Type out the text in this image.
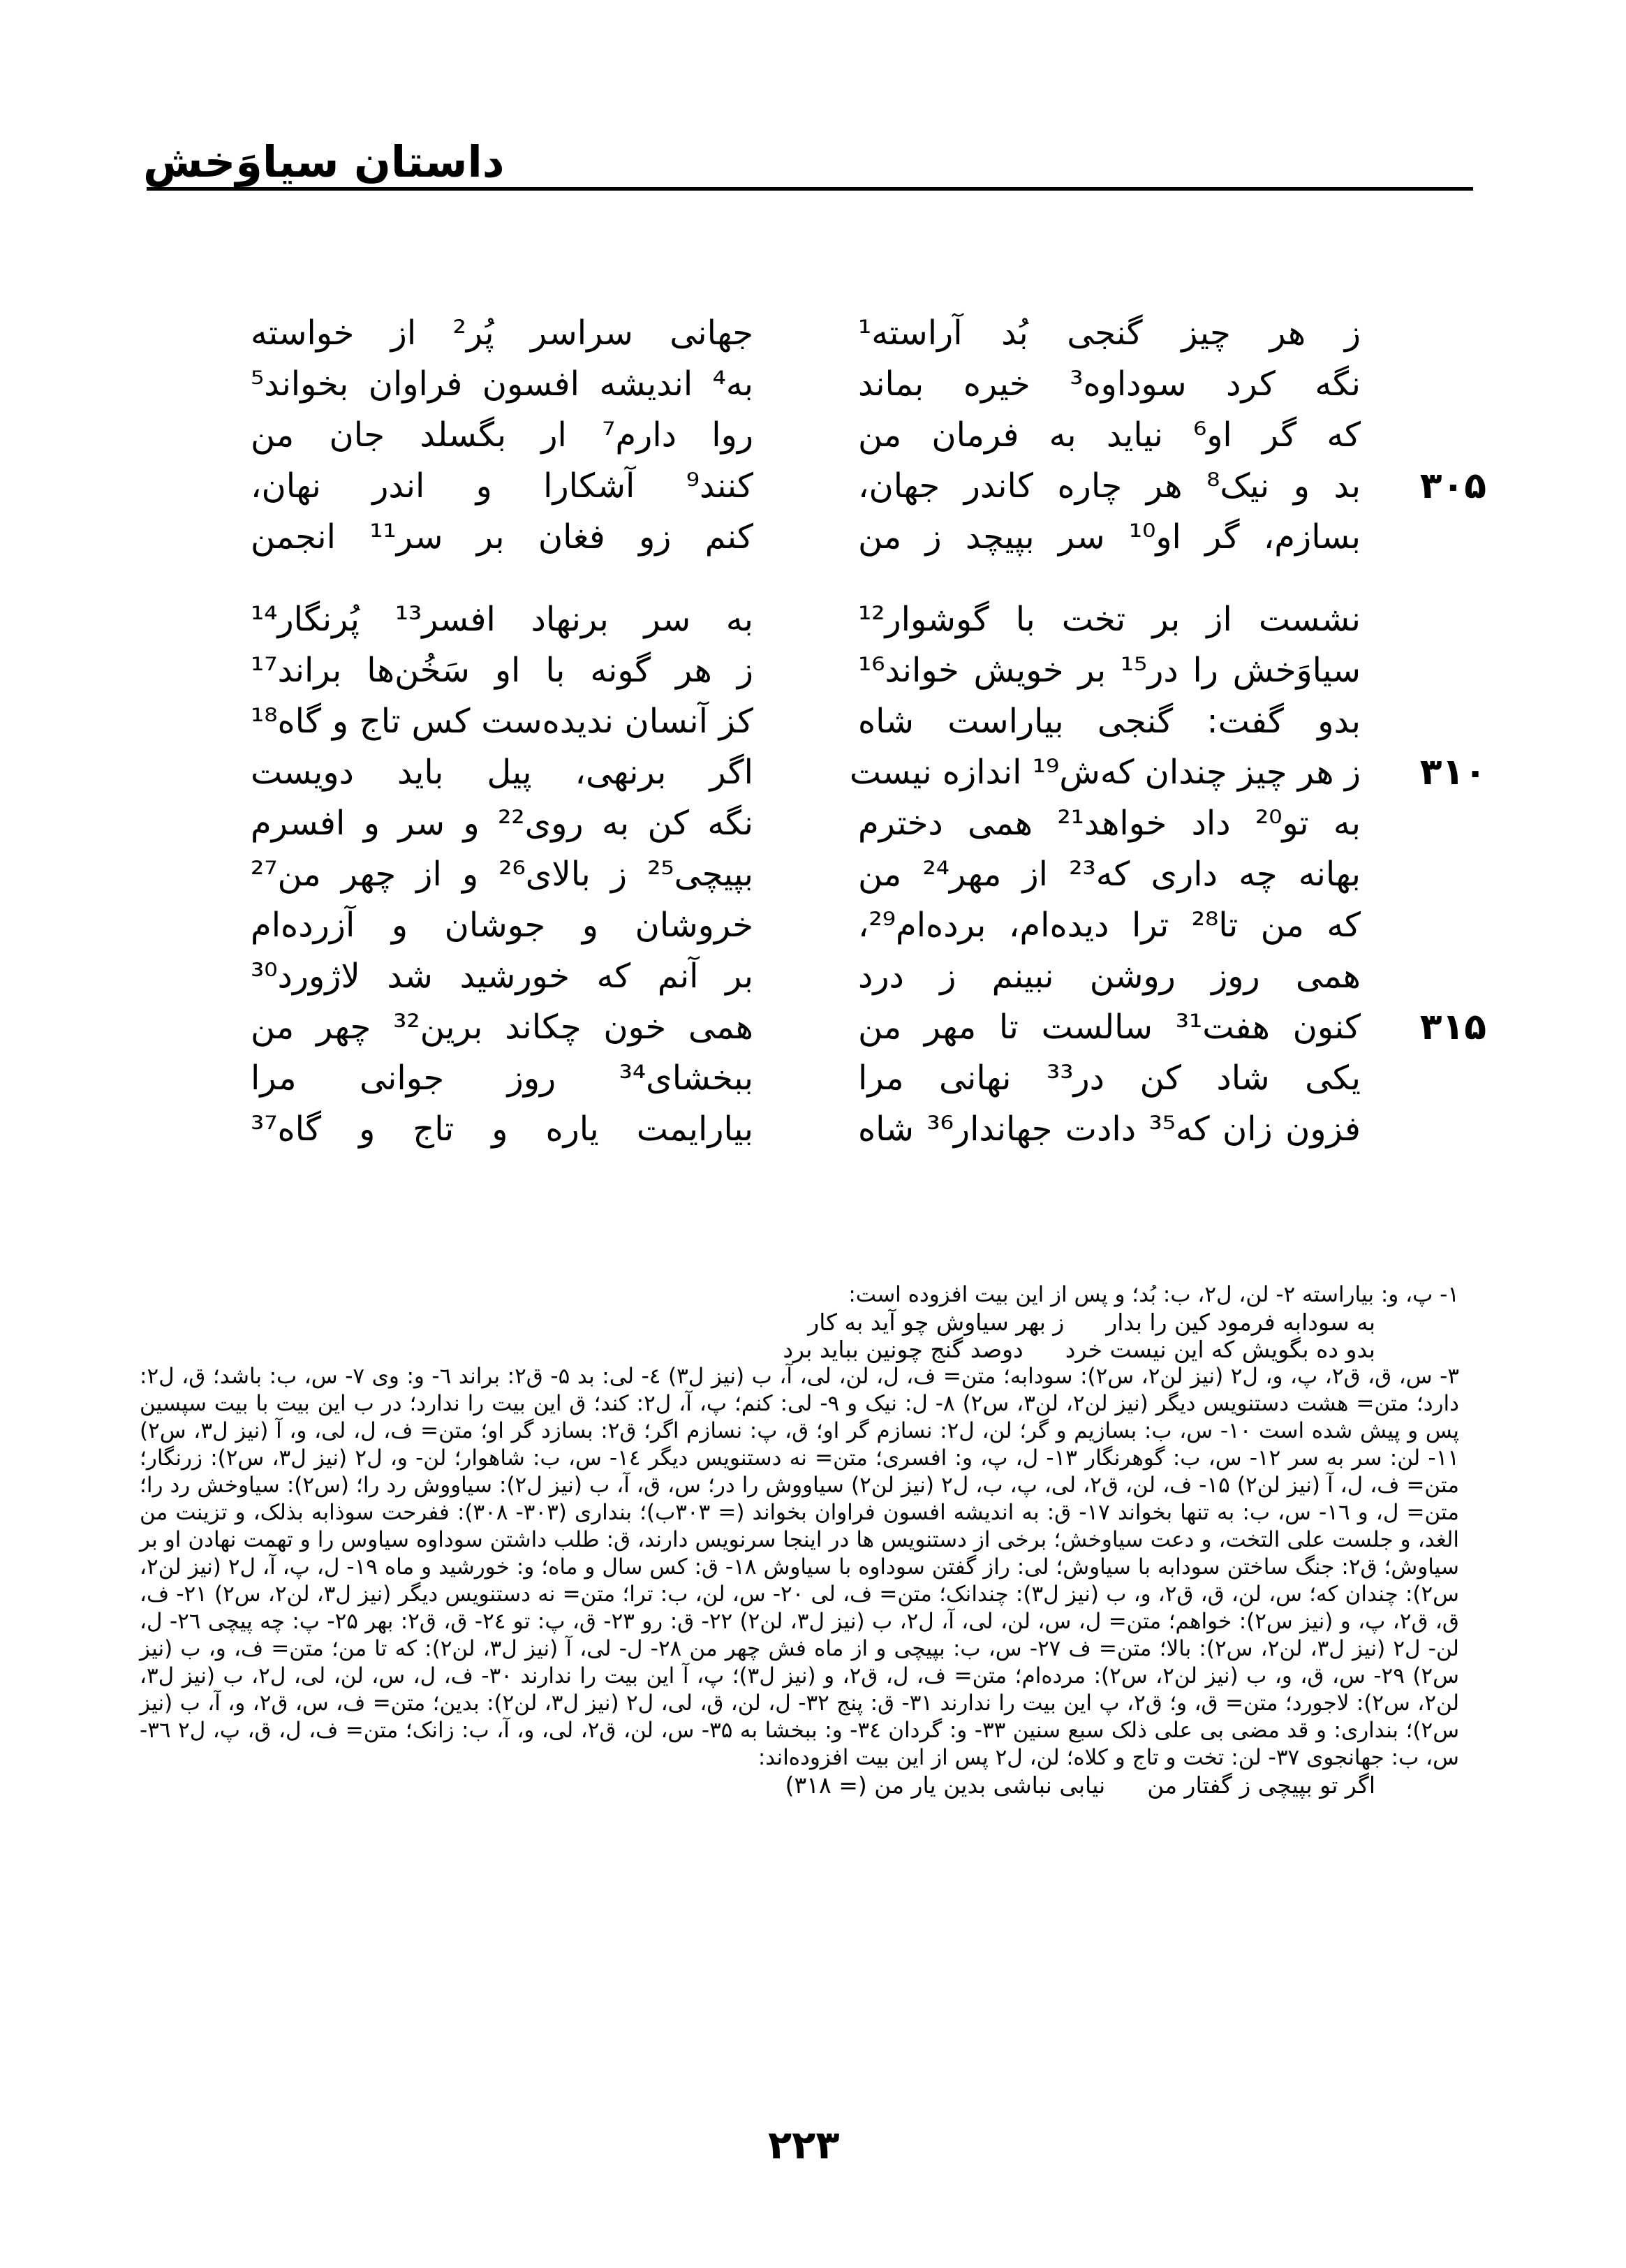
داستان سیاوَخش
ز هر چیز گنجی بُد آراسته¹
جهانی سراسر پُر² از خواسته
نگه کرد سوداوه³ خیره بماند
به⁴ اندیشه افسون فراوان بخواند⁵
که گر او⁶ نیاید به فرمان من
روا دارم⁷ ار بگسلد جان من
۳۰۵
بد و نیک⁸ هر چاره کاندر جهان،
کنند⁹ آشکارا و اندر نهان،
بسازم، گر او¹⁰ سر بپیچد ز من
کنم زو فغان بر سر¹¹ انجمن
نشست از بر تخت با گوشوار¹²
به سر برنهاد افسر¹³ پُرنگار¹⁴
سیاوَخش را در¹⁵ بر خویش خواند¹⁶
ز هر گونه با او سَخُن‌ها براند¹⁷
بدو گفت: گنجی بیاراست شاه
کز آنسان ندیده‌ست کس تاج و گاه¹⁸
۳۱۰
ز هر چیز چندان که‌ش¹⁹ اندازه نیست
اگر برنهی، پیل باید دویست
به تو²⁰ داد خواهد²¹ همی دخترم
نگه کن به روی²² و سر و افسرم
بهانه چه داری که²³ از مهر²⁴ من
بپیچی²⁵ ز بالای²⁶ و از چهر من²⁷
که من تا²⁸ ترا دیده‌ام، برده‌ام²⁹،
خروشان و جوشان و آزرده‌ام
همی روز روشن نبینم ز درد
بر آنم که خورشید شد لاژورد³⁰
۳۱۵
کنون هفت³¹ سالست تا مهر من
همی خون چکاند برین³² چهر من
یکی شاد کن در³³ نهانی مرا
ببخشای³⁴ روز جوانی مرا
فزون زان که³⁵ دادت جهاندار³⁶ شاه
بیارایمت یاره و تاج و گاه³⁷
۱- پ، و: بیاراسته ۲- لن، ل۲، ب: بُد؛ و پس از این بیت افزوده است:
به سودابه فرمود کین را بدار
ز بهر سیاوش چو آید به کار
بدو ده بگویش که این نیست خرد
دوصد گنج چونین بباید برد
۳- س، ق، ق۲، پ، و، ل۲ (نیز لن۲، س۲): سودابه؛ متن= ف، ل، لن، لی، آ، ب (نیز ل۳) ٤- لی: بد ۵- ق۲: براند ٦- و: وی ۷- س، ب: باشد؛ ق، ل۲: دارد؛ متن= هشت دستنویس دیگر (نیز لن۲، لن۳، س۲) ۸- ل: نیک و ۹- لی: کنم؛ پ، آ، ل۲: کند؛ ق این بیت را ندارد؛ در ب این بیت با بیت سپسین پس و پیش شده است ۱۰- س، ب: بسازیم و گر؛ لن، ل۲: نسازم گر او؛ ق، پ: نسازم اگر؛ ق۲: بسازد گر او؛ متن= ف، ل، لی، و، آ (نیز ل۳، س۲) ۱۱- لن: سر به سر ۱۲- س، ب: گوهرنگار ۱۳- ل، پ، و: افسری؛ متن= نه دستنویس دیگر ۱٤- س، ب: شاهوار؛ لن- و، ل۲ (نیز ل۳، س۲): زرنگار؛ متن= ف، ل، آ (نیز لن۲) ۱۵- ف، لن، ق۲، لی، پ، ب، ل۲ (نیز لن۲) سیاووش را در؛ س، ق، آ، ب (نیز ل۲): سیاووش رد را؛ (س۲): سیاوخش رد را؛ متن= ل، و ۱٦- س، ب: به تنها بخواند ۱۷- ق: به اندیشه افسون فراوان بخواند (= ۳۰۳ب)؛ بنداری (۳۰۳- ۳۰۸): ففرحت سوذابه بذلک، و تزینت من الغد، و جلست علی التخت، و دعت سیاوخش؛ برخی از دستنویس ها در اینجا سرنویس دارند، ق: طلب داشتن سوداوه سیاوس را و تهمت نهادن او بر سیاوش؛ ق۲: جنگ ساختن سودابه با سیاوش؛ لی: راز گفتن سوداوه با سیاوش ۱۸- ق: کس سال و ماه؛ و: خورشید و ماه ۱۹- ل، پ، آ، ل۲ (نیز لن۲، س۲): چندان که؛ س، لن، ق، ق۲، و، ب (نیز ل۳): چندانک؛ متن= ف، لی ۲۰- س، لن، ب: ترا؛ متن= نه دستنویس دیگر (نیز ل۳، لن۲، س۲) ۲۱- ف، ق، ق۲، پ، و (نیز س۲): خواهم؛ متن= ل، س، لن، لی، آ، ل۲، ب (نیز ل۳، لن۲) ۲۲- ق: رو ۲۳- ق، پ: تو ۲٤- ق، ق۲: بهر ۲۵- پ: چه پیچی ۲٦- ل، لن- ل۲ (نیز ل۳، لن۲، س۲): بالا؛ متن= ف ۲۷- س، ب: بپیچی و از ماه فش چهر من ۲۸- ل- لی، آ (نیز ل۳، لن۲): که تا من؛ متن= ف، و، ب (نیز س۲) ۲۹- س، ق، و، ب (نیز لن۲، س۲): مرده‌ام؛ متن= ف، ل، ق۲، و (نیز ل۳)؛ پ، آ این بیت را ندارند ۳۰- ف، ل، س، لن، لی، ل۲، ب (نیز ل۳، لن۲، س۲): لاجورد؛ متن= ق، و؛ ق۲، پ این بیت را ندارند ۳۱- ق: پنج ۳۲- ل، لن، ق، لی، ل۲ (نیز ل۳، لن۲): بدین؛ متن= ف، س، ق۲، و، آ، ب (نیز س۲)؛ بنداری: و قد مضی بی علی ذلک سبع سنین ۳۳- و: گردان ۳٤- و: ببخشا به ۳۵- س، لن، ق۲، لی، و، آ، ب: زانک؛ متن= ف، ل، ق، پ، ل۲ ۳٦- س، ب: جهانجوی ۳۷- لن: تخت و تاج و کلاه؛ لن، ل۲ پس از این بیت افزوده‌اند:
اگر تو بپیچی ز گفتار من
نیابی نباشی بدین یار من (= ۳۱۸)
۲۲۳
